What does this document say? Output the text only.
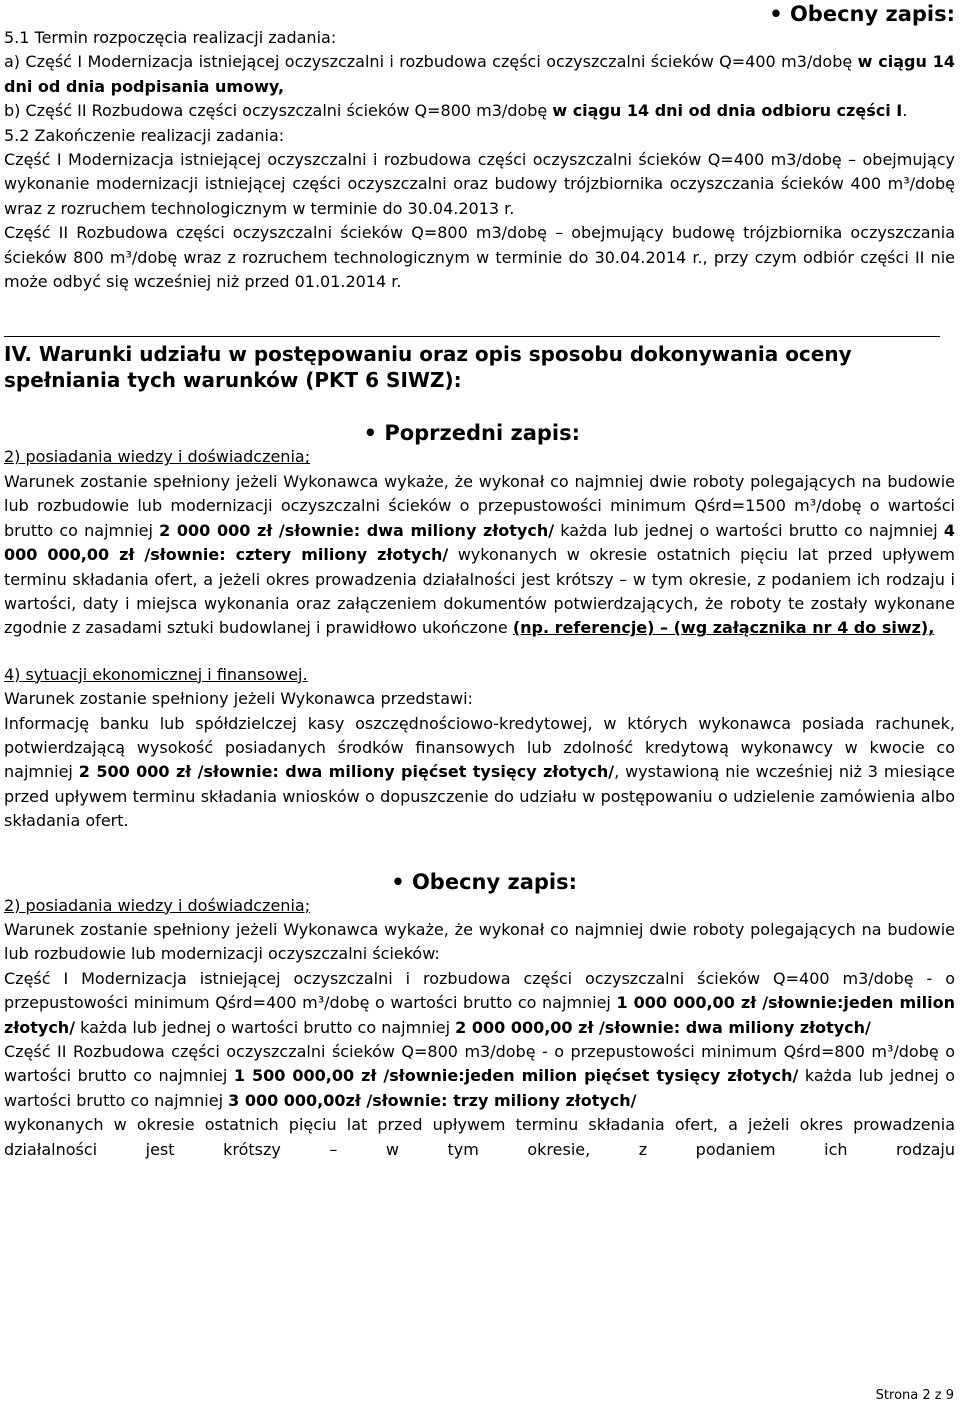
• Obecny zapis:

5.1 Termin rozpoczęcia realizacji zadania:

a) Część I Modernizacja istniejącej oczyszczalni i rozbudowa części oczyszczalni ścieków Q=400 m3/dobę w ciągu 14 dni od dnia podpisania umowy,

b) Część II Rozbudowa części oczyszczalni ścieków Q=800 m3/dobę w ciągu 14 dni od dnia odbioru części I.

5.2 Zakończenie realizacji zadania:

Część I Modernizacja istniejącej oczyszczalni i rozbudowa części oczyszczalni ścieków Q=400 m3/dobę – obejmujący wykonanie modernizacji istniejącej części oczyszczalni oraz budowy trójzbiornika oczyszczania ścieków 400 m³/dobę wraz z rozruchem technologicznym w terminie do 30.04.2013 r.

Część II Rozbudowa części oczyszczalni ścieków Q=800 m3/dobę – obejmujący budowę trójzbiornika oczyszczania ścieków 800 m³/dobę wraz z rozruchem technologicznym w terminie do 30.04.2014 r., przy czym odbiór części II nie może odbyć się wcześniej niż przed 01.01.2014 r.

IV. Warunki udziału w postępowaniu oraz opis sposobu dokonywania oceny spełniania tych warunków (PKT 6 SIWZ):

• Poprzedni zapis:

2) posiadania wiedzy i doświadczenia;

Warunek zostanie spełniony jeżeli Wykonawca wykaże, że wykonał co najmniej dwie roboty polegających na budowie lub rozbudowie lub modernizacji oczyszczalni ścieków o przepustowości minimum Qśrd=1500 m³/dobę o wartości brutto co najmniej 2 000 000 zł /słownie: dwa miliony złotych/ każda lub jednej o wartości brutto co najmniej 4 000 000,00 zł /słownie: cztery miliony złotych/ wykonanych w okresie ostatnich pięciu lat przed upływem terminu składania ofert, a jeżeli okres prowadzenia działalności jest krótszy – w tym okresie, z podaniem ich rodzaju i wartości, daty i miejsca wykonania oraz załączeniem dokumentów potwierdzających, że roboty te zostały wykonane zgodnie z zasadami sztuki budowlanej i prawidłowo ukończone (np. referencje) – (wg załącznika nr 4 do siwz),

4) sytuacji ekonomicznej i finansowej.

Warunek zostanie spełniony jeżeli Wykonawca przedstawi:

Informację banku lub spółdzielczej kasy oszczędnościowo-kredytowej, w których wykonawca posiada rachunek, potwierdzającą wysokość posiadanych środków finansowych lub zdolność kredytową wykonawcy w kwocie co najmniej 2 500 000 zł /słownie: dwa miliony pięćset tysięcy złotych/, wystawioną nie wcześniej niż 3 miesiące przed upływem terminu składania wniosków o dopuszczenie do udziału w postępowaniu o udzielenie zamówienia albo składania ofert.

• Obecny zapis:

2) posiadania wiedzy i doświadczenia;

Warunek zostanie spełniony jeżeli Wykonawca wykaże, że wykonał co najmniej dwie roboty polegających na budowie lub rozbudowie lub modernizacji oczyszczalni ścieków:

Część I Modernizacja istniejącej oczyszczalni i rozbudowa części oczyszczalni ścieków Q=400 m3/dobę - o przepustowości minimum Qśrd=400 m³/dobę o wartości brutto co najmniej 1 000 000,00 zł /słownie:jeden milion złotych/ każda lub jednej o wartości brutto co najmniej 2 000 000,00 zł /słownie: dwa miliony złotych/

Część II Rozbudowa części oczyszczalni ścieków Q=800 m3/dobę - o przepustowości minimum Qśrd=800 m³/dobę o wartości brutto co najmniej 1 500 000,00 zł /słownie:jeden milion pięćset tysięcy złotych/ każda lub jednej o wartości brutto co najmniej 3 000 000,00zł /słownie: trzy miliony złotych/

wykonanych w okresie ostatnich pięciu lat przed upływem terminu składania ofert, a jeżeli okres prowadzenia działalności jest krótszy – w tym okresie, z podaniem ich rodzaju

Strona 2 z 9
